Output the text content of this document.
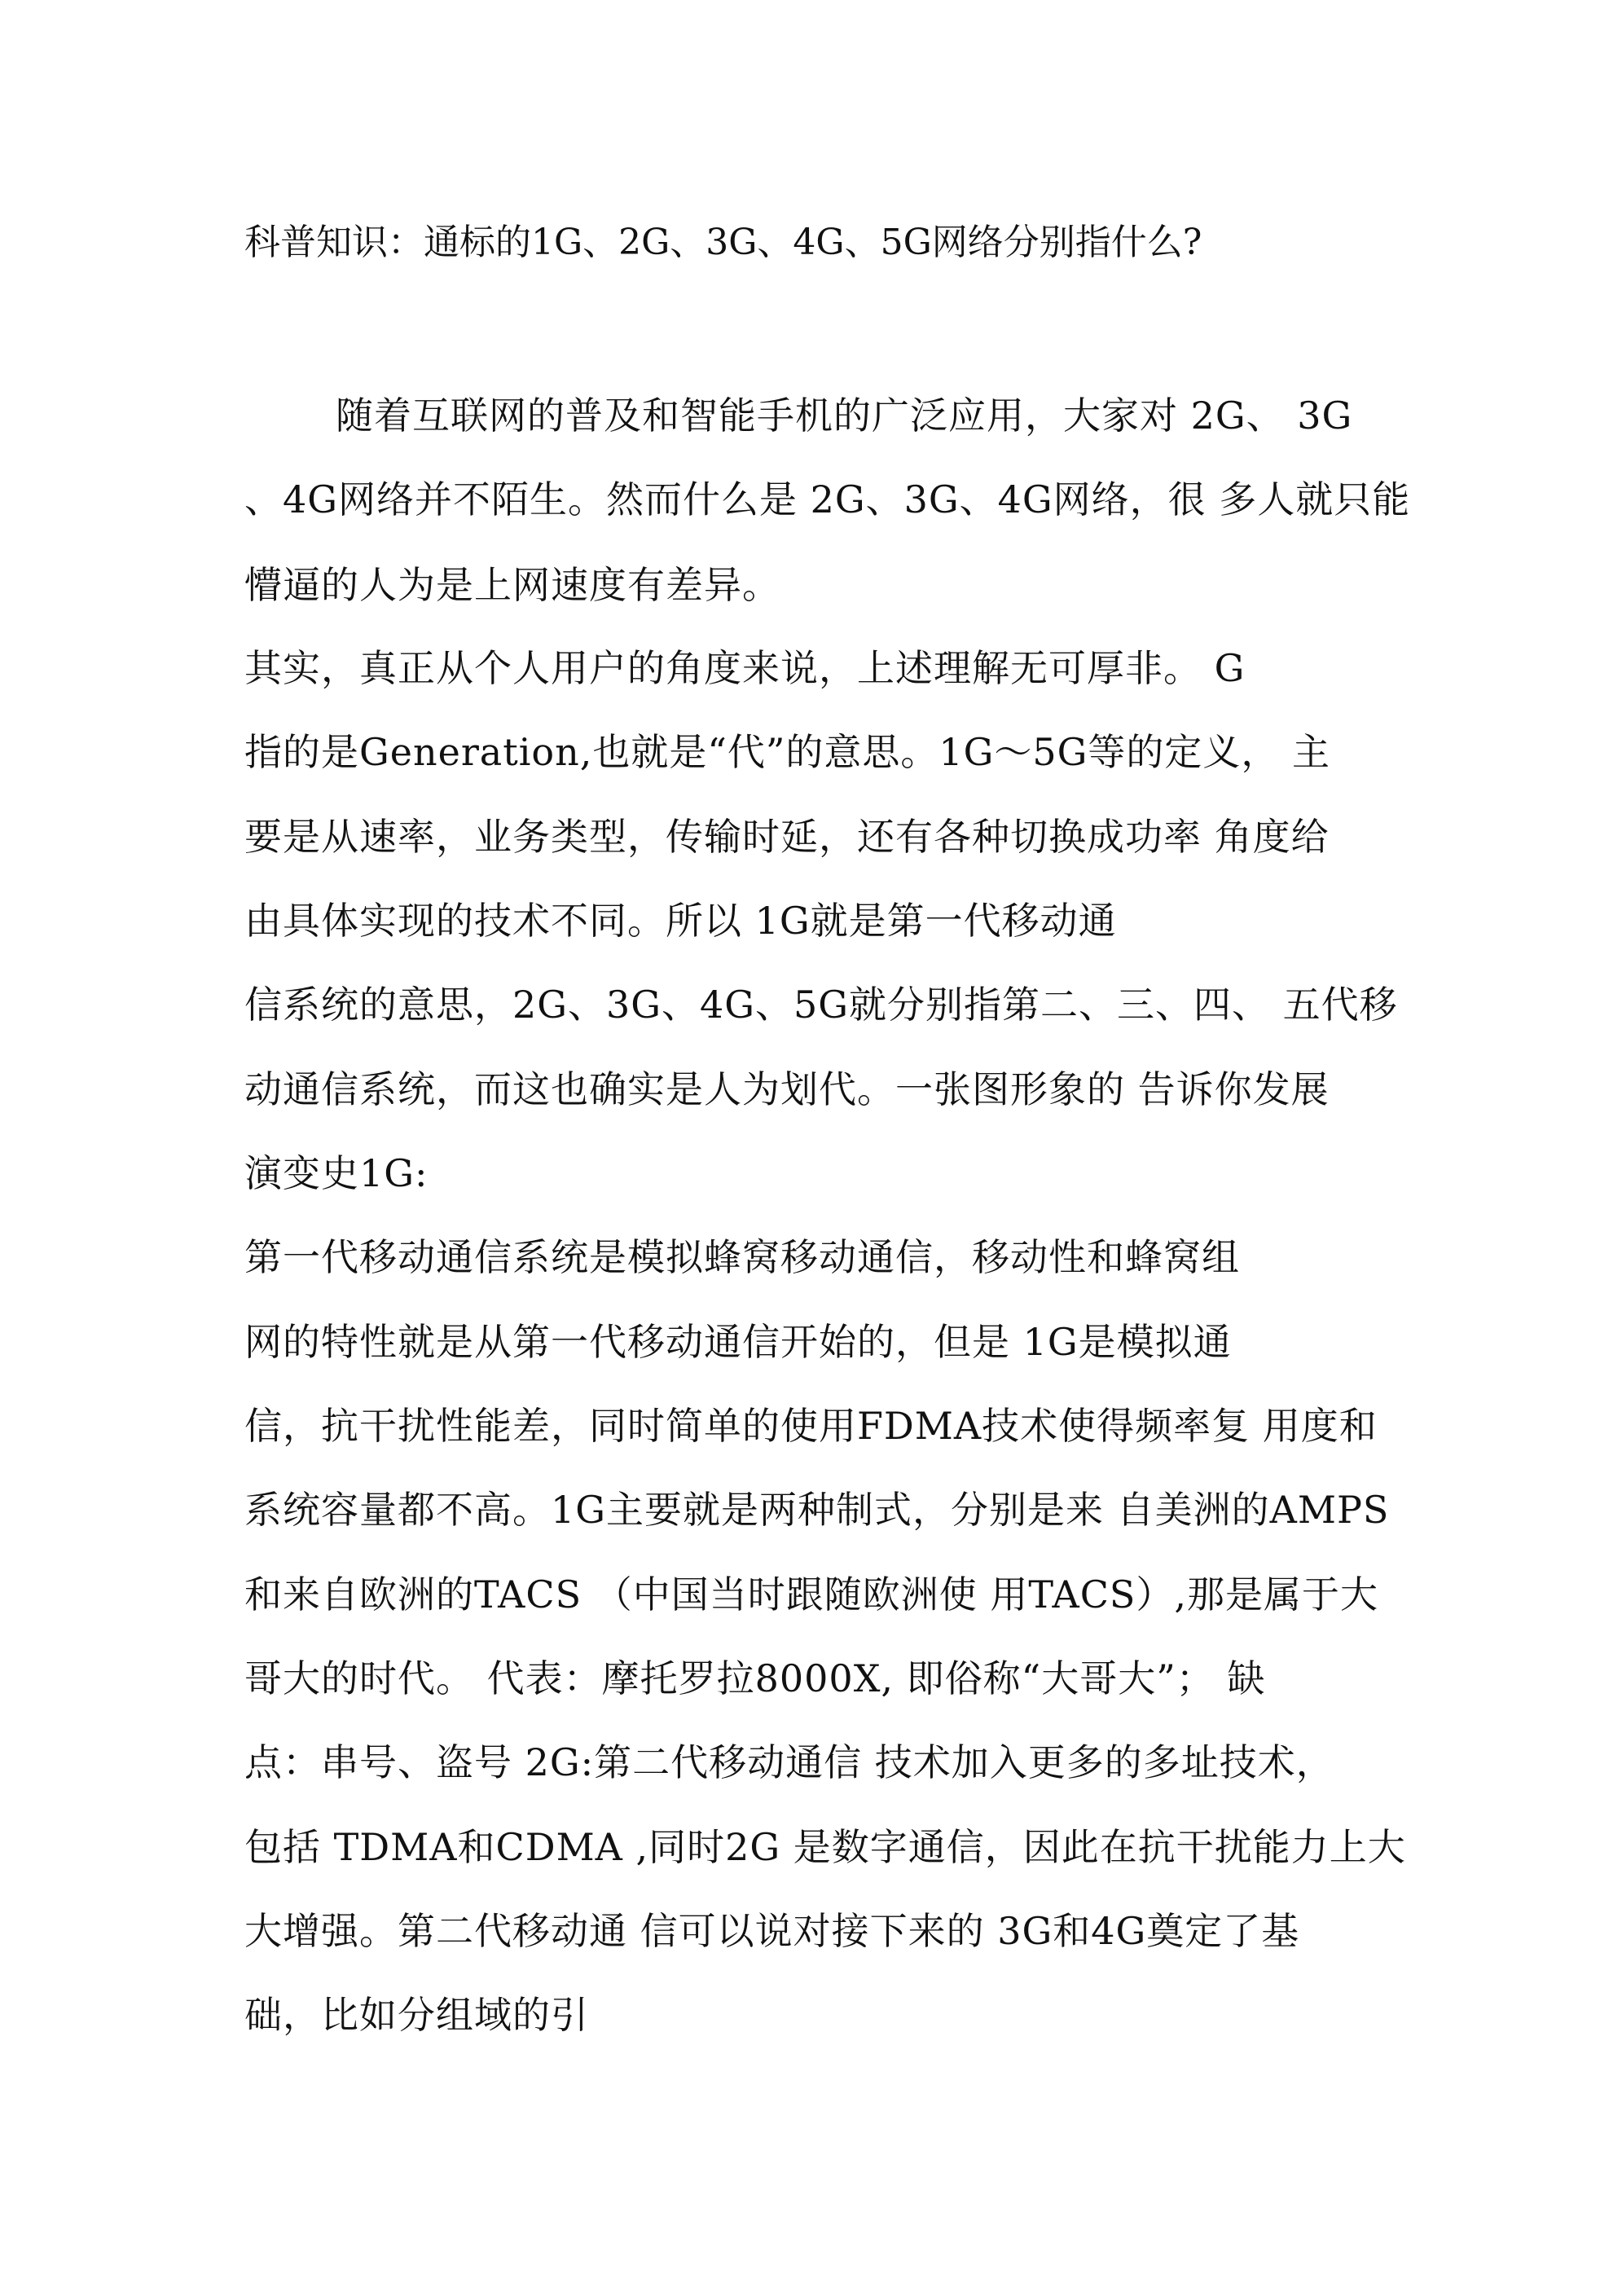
科普知识：通标的1G、2G、3G、4G、5G网络分别指什么?
随着互联网的普及和智能手机的广泛应用，大家对 2G、 3G
、4G网络并不陌生。然而什么是 2G、3G、4G网络，很 多人就只能
懵逼的人为是上网速度有差异。
其实，真正从个人用户的角度来说，上述理解无可厚非。 G
指的是Generation,也就是“代”的意思。1G～5G等的定义， 主
要是从速率，业务类型，传输时延，还有各种切换成功率 角度给
由具体实现的技术不同。所以 1G就是第一代移动通
信系统的意思，2G、3G、4G、5G就分别指第二、三、四、 五代移
动通信系统，而这也确实是人为划代。一张图形象的 告诉你发展
演变史1G:
第一代移动通信系统是模拟蜂窝移动通信，移动性和蜂窝组
网的特性就是从第一代移动通信开始的，但是 1G是模拟通
信，抗干扰性能差，同时简单的使用FDMA技术使得频率复 用度和
系统容量都不高。1G主要就是两种制式，分别是来 自美洲的AMPS
和来自欧洲的TACS （中国当时跟随欧洲使 用TACS）,那是属于大
哥大的时代。 代表：摩托罗拉8000X, 即俗称“大哥大”； 缺
点：串号、盗号 2G:第二代移动通信 技术加入更多的多址技术，
包括 TDMA和CDMA ,同时2G 是数字通信，因此在抗干扰能力上大
大增强。第二代移动通 信可以说对接下来的 3G和4G奠定了基
础，比如分组域的引
